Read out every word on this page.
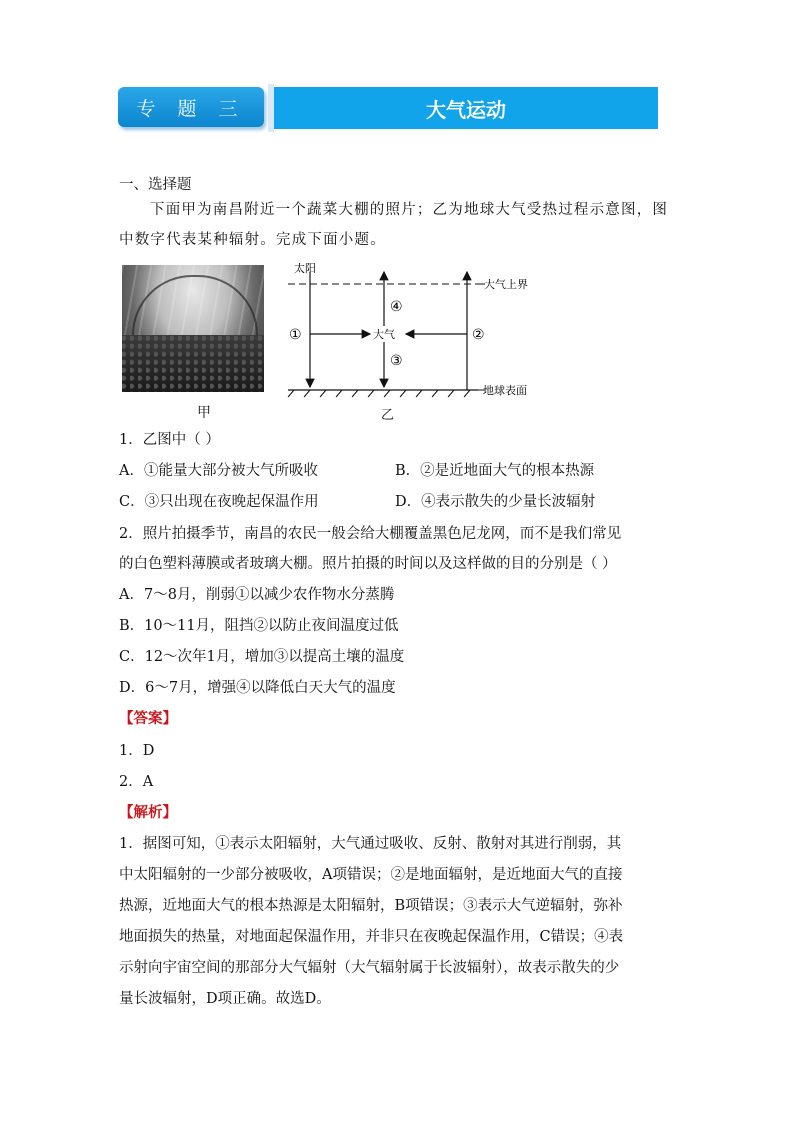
专 题 三	大气运动
一、选择题
下面甲为南昌附近一个蔬菜大棚的照片；乙为地球大气受热过程示意图，图
中数字代表某种辐射。完成下面小题。
甲
太阳
大气上界
地球表面
大气
①	②
③
④
乙
1．乙图中（ ）
A．①能量大部分被大气所吸收	B．②是近地面大气的根本热源
C．③只出现在夜晚起保温作用	D．④表示散失的少量长波辐射
2．照片拍摄季节，南昌的农民一般会给大棚覆盖黑色尼龙网，而不是我们常见
的白色塑料薄膜或者玻璃大棚。照片拍摄的时间以及这样做的目的分别是（ ）
A．7～8月，削弱①以减少农作物水分蒸腾
B．10～11月，阻挡②以防止夜间温度过低
C．12～次年1月，增加③以提高土壤的温度
D．6～7月，增强④以降低白天大气的温度
【答案】
1．D
2．A
【解析】
1．据图可知，①表示太阳辐射，大气通过吸收、反射、散射对其进行削弱，其
中太阳辐射的一少部分被吸收，A项错误；②是地面辐射，是近地面大气的直接
热源，近地面大气的根本热源是太阳辐射，B项错误；③表示大气逆辐射，弥补
地面损失的热量，对地面起保温作用，并非只在夜晚起保温作用，C错误；④表
示射向宇宙空间的那部分大气辐射（大气辐射属于长波辐射），故表示散失的少
量长波辐射，D项正确。故选D。
